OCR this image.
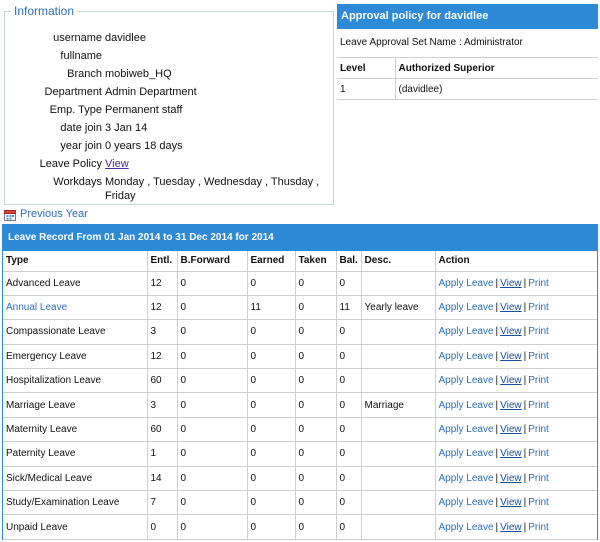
Information
username davidlee
fullname
Branch mobiweb_HQ
Department Admin Department
Emp. Type Permanent staff
date join 3 Jan 14
year join 0 years 18 days
Leave Policy View
Workdays Monday , Tuesday , Wednesday , Thusday , Friday
Approval policy for davidlee
Leave Approval Set Name : Administrator
Level	Authorized Superior
1	(davidlee)
Previous Year
Leave Record From 01 Jan 2014 to 31 Dec 2014 for 2014
Type	Entl.	B.Forward	Earned	Taken	Bal.	Desc.	Action
Advanced Leave	12	0	0	0	0		Apply Leave | View | Print
Annual Leave	12	0	11	0	11	Yearly leave	Apply Leave | View | Print
Compassionate Leave	3	0	0	0	0		Apply Leave | View | Print
Emergency Leave	12	0	0	0	0		Apply Leave | View | Print
Hospitalization Leave	60	0	0	0	0		Apply Leave | View | Print
Marriage Leave	3	0	0	0	0	Marriage	Apply Leave | View | Print
Maternity Leave	60	0	0	0	0		Apply Leave | View | Print
Paternity Leave	1	0	0	0	0		Apply Leave | View | Print
Sick/Medical Leave	14	0	0	0	0		Apply Leave | View | Print
Study/Examination Leave	7	0	0	0	0		Apply Leave | View | Print
Unpaid Leave	0	0	0	0	0		Apply Leave | View | Print
